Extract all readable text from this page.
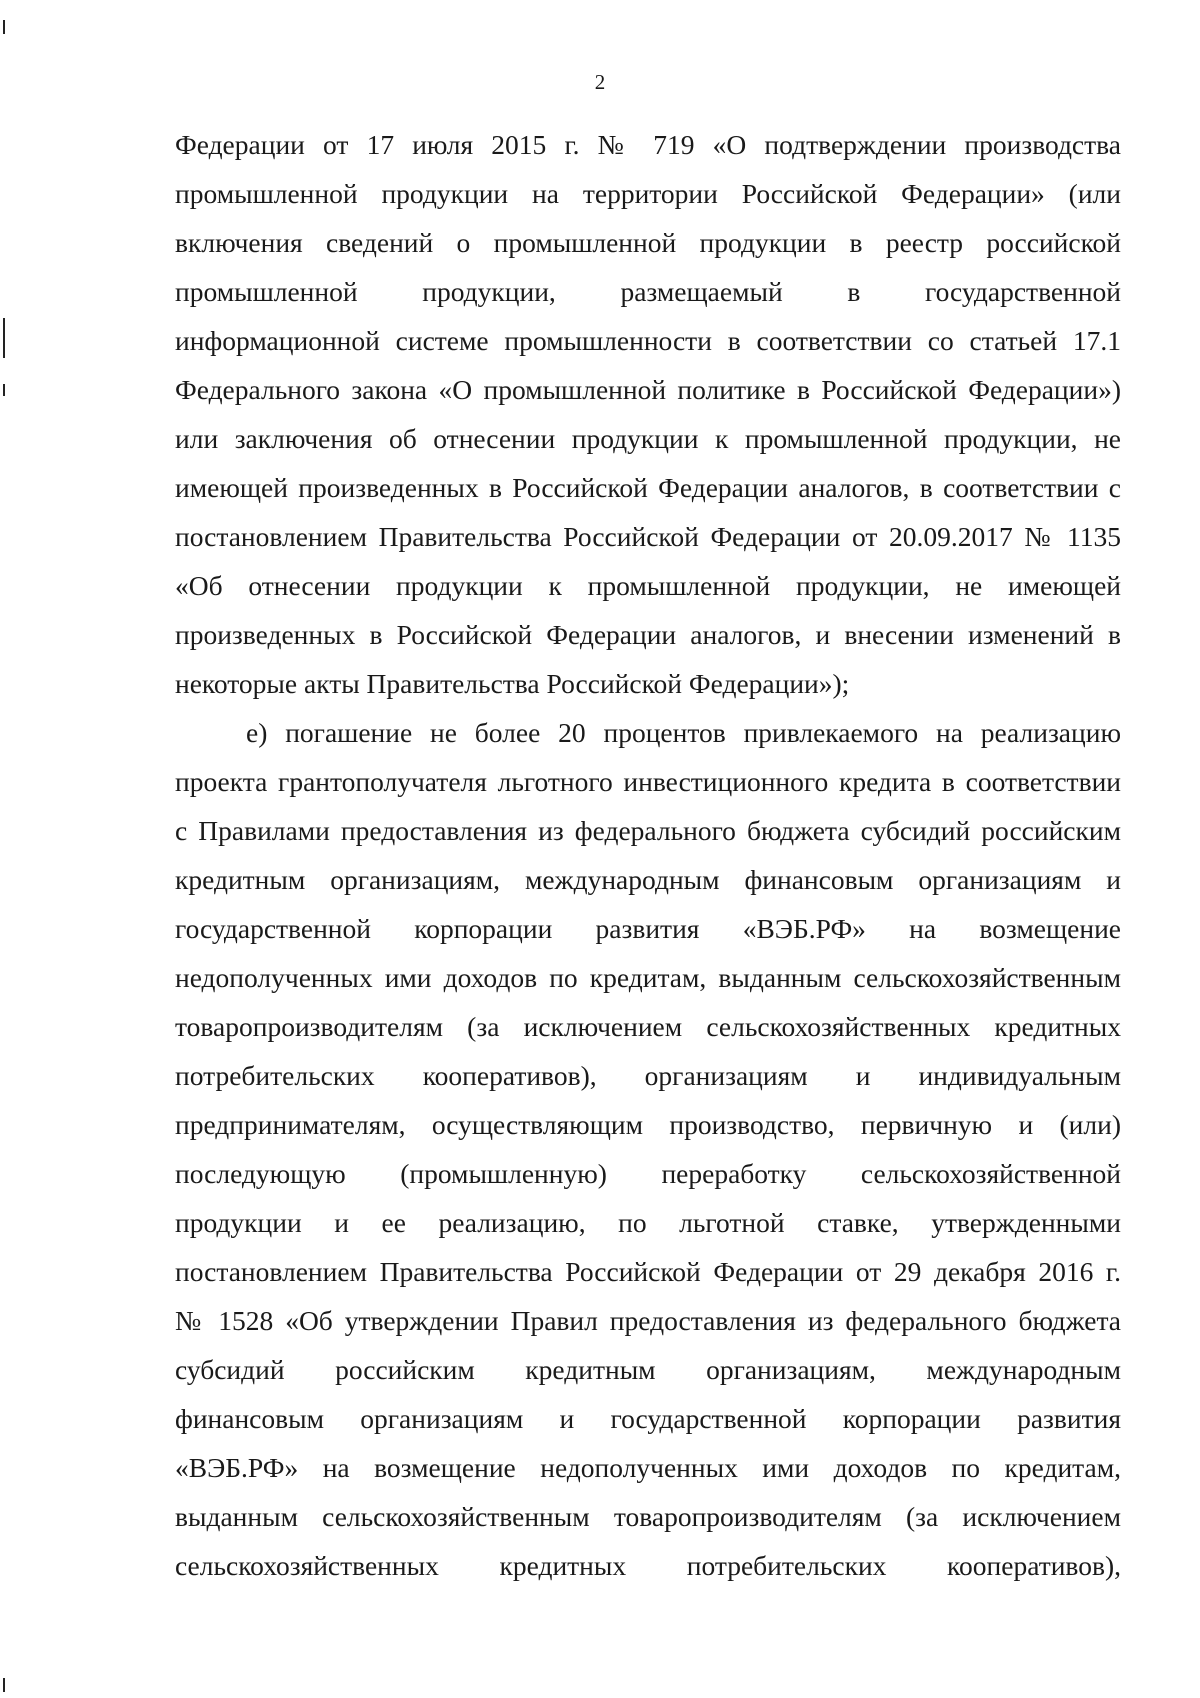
2
Федерации от 17 июля 2015 г. № 719 «О подтверждении производства
промышленной продукции на территории Российской Федерации» (или
включения сведений о промышленной продукции в реестр российской
промышленной продукции, размещаемый в государственной
информационной системе промышленности в соответствии со статьей 17.1
Федерального закона «О промышленной политике в Российской Федерации»)
или заключения об отнесении продукции к промышленной продукции, не
имеющей произведенных в Российской Федерации аналогов, в соответствии с
постановлением Правительства Российской Федерации от 20.09.2017 № 1135
«Об отнесении продукции к промышленной продукции, не имеющей
произведенных в Российской Федерации аналогов, и внесении изменений в
некоторые акты Правительства Российской Федерации»);
е) погашение не более 20 процентов привлекаемого на реализацию
проекта грантополучателя льготного инвестиционного кредита в соответствии
с Правилами предоставления из федерального бюджета субсидий российским
кредитным организациям, международным финансовым организациям и
государственной корпорации развития «ВЭБ.РФ» на возмещение
недополученных ими доходов по кредитам, выданным сельскохозяйственным
товаропроизводителям (за исключением сельскохозяйственных кредитных
потребительских кооперативов), организациям и индивидуальным
предпринимателям, осуществляющим производство, первичную и (или)
последующую (промышленную) переработку сельскохозяйственной
продукции и ее реализацию, по льготной ставке, утвержденными
постановлением Правительства Российской Федерации от 29 декабря 2016 г.
№ 1528 «Об утверждении Правил предоставления из федерального бюджета
субсидий российским кредитным организациям, международным
финансовым организациям и государственной корпорации развития
«ВЭБ.РФ» на возмещение недополученных ими доходов по кредитам,
выданным сельскохозяйственным товаропроизводителям (за исключением
сельскохозяйственных кредитных потребительских кооперативов),
